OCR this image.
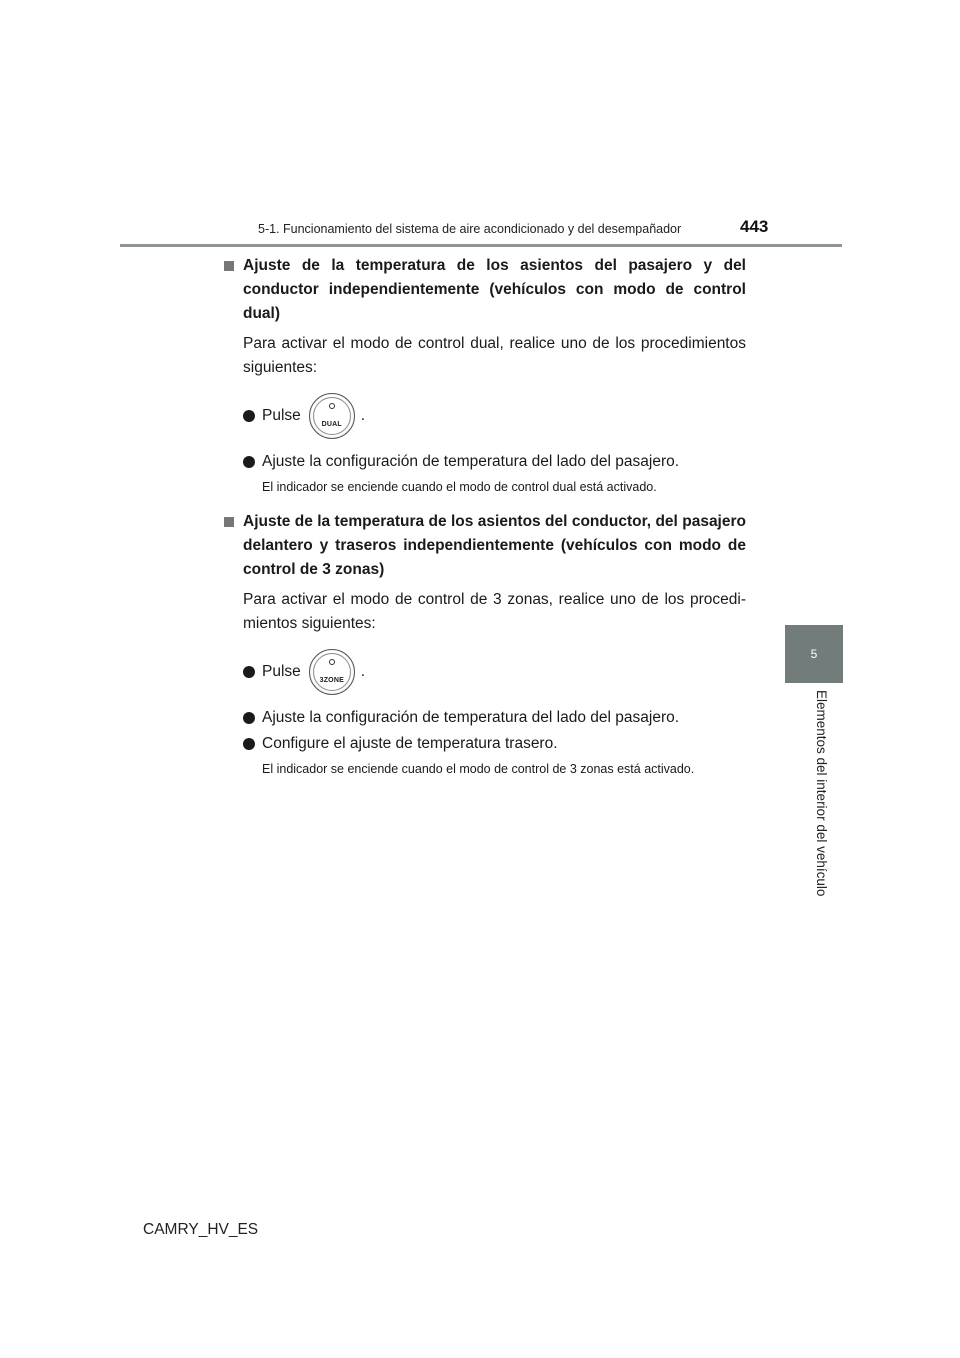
5-1. Funcionamiento del sistema de aire acondicionado y del desempañador	443
5
Elementos del interior del vehículo
Ajuste de la temperatura de los asientos del pasajero y del conductor independientemente (vehículos con modo de control dual)
Para activar el modo de control dual, realice uno de los procedimientos siguientes:
Pulse
DUAL
.
Ajuste la configuración de temperatura del lado del pasajero.
El indicador se enciende cuando el modo de control dual está activado.
Ajuste de la temperatura de los asientos del conductor, del pasajero delantero y traseros independientemente (vehículos con modo de control de 3 zonas)
Para activar el modo de control de 3 zonas, realice uno de los procedi-mientos siguientes:
Pulse
3ZONE
.
Ajuste la configuración de temperatura del lado del pasajero.
Configure el ajuste de temperatura trasero.
El indicador se enciende cuando el modo de control de 3 zonas está activado.
CAMRY_HV_ES
